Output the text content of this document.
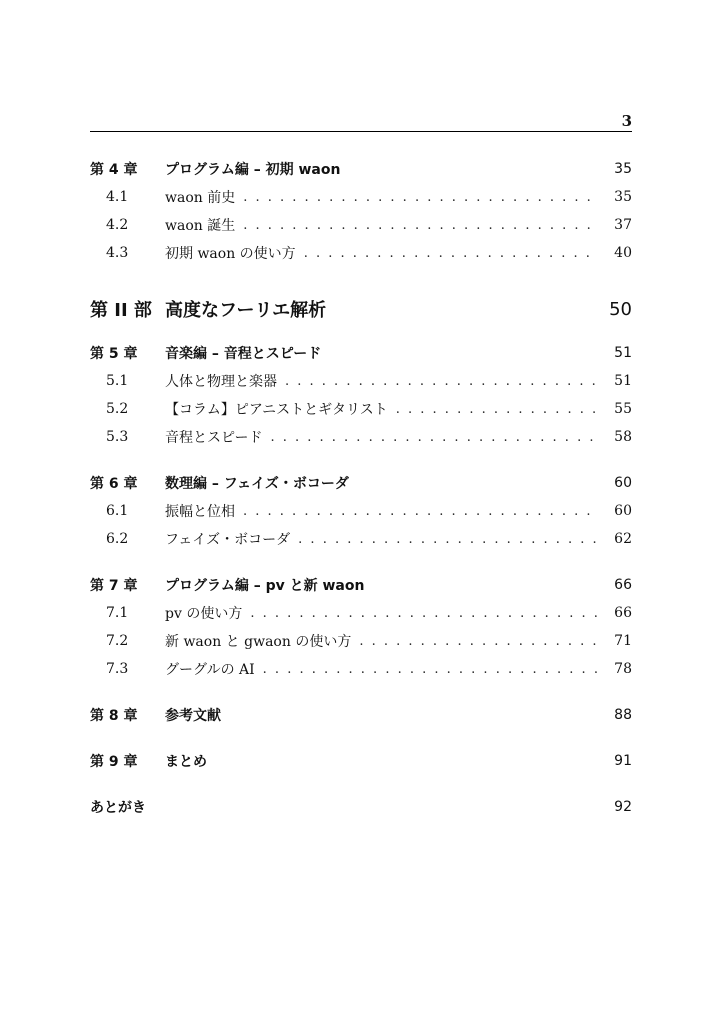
3
第 4 章	プログラム編 – 初期 waon	35
4.1	waon 前史 . . .	35
4.2	waon 誕生 . . .	37
4.3	初期 waon の使い方 . . .	40
第 II 部 高度なフーリエ解析	50
第 5 章	音楽編 – 音程とスピード	51
5.1	人体と物理と楽器 . . .	51
5.2	【コラム】ピアニストとギタリスト . . .	55
5.3	音程とスピード . . .	58
第 6 章	数理編 – フェイズ・ボコーダ	60
6.1	振幅と位相 . . .	60
6.2	フェイズ・ボコーダ . . .	62
第 7 章	プログラム編 – pv と新 waon	66
7.1	pv の使い方 . . .	66
7.2	新 waon と gwaon の使い方 . . .	71
7.3	グーグルの AI . . .	78
第 8 章	参考文献	88
第 9 章	まとめ	91
あとがき	92
